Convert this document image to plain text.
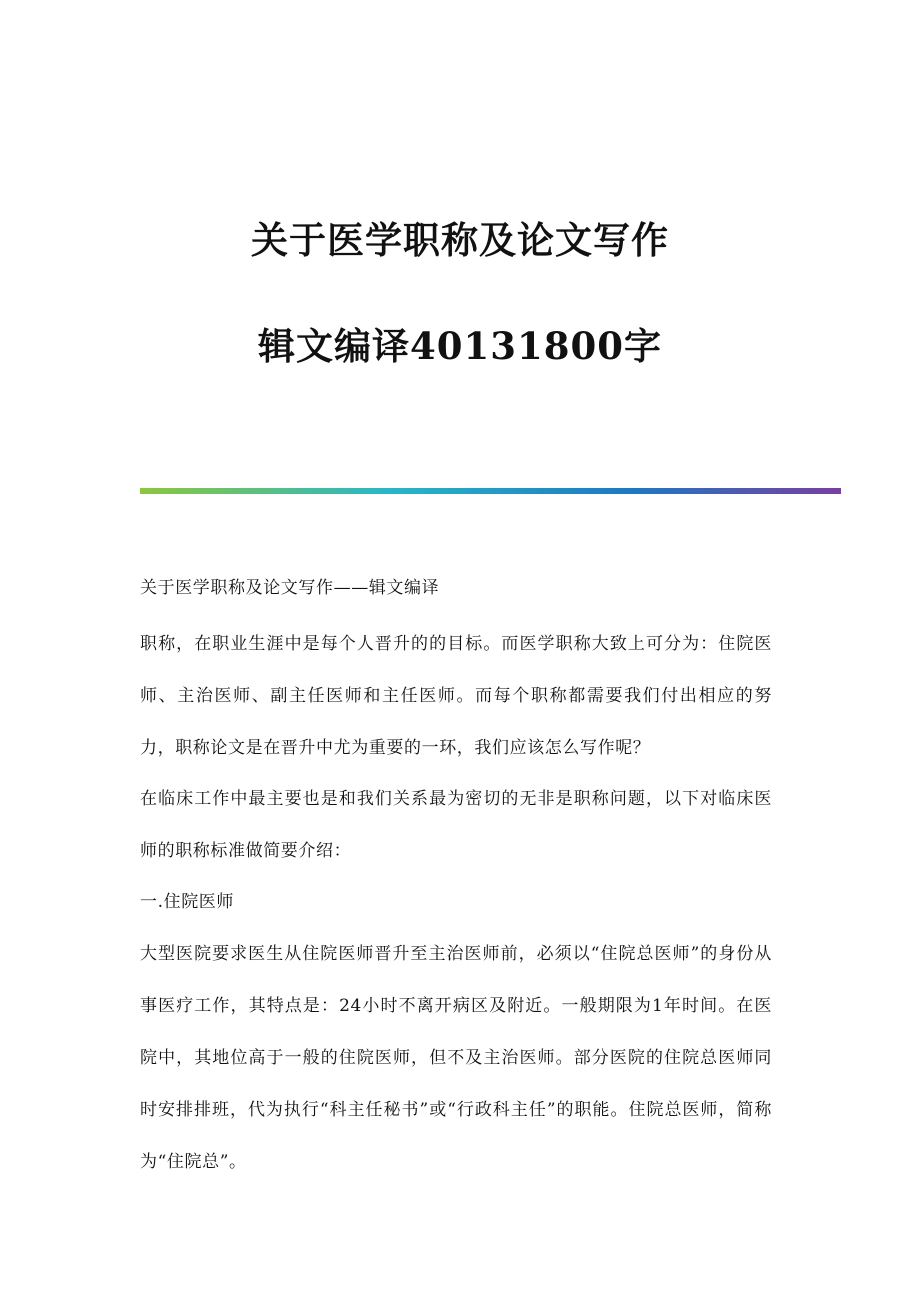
关于医学职称及论文写作
辑文编译40131800字

关于医学职称及论文写作——辑文编译

职称，在职业生涯中是每个人晋升的的目标。而医学职称大致上可分为：住院医师、主治医师、副主任医师和主任医师。而每个职称都需要我们付出相应的努力，职称论文是在晋升中尤为重要的一环，我们应该怎么写作呢？

在临床工作中最主要也是和我们关系最为密切的无非是职称问题，以下对临床医师的职称标准做简要介绍：

一.住院医师

大型医院要求医生从住院医师晋升至主治医师前，必须以“住院总医师”的身份从事医疗工作，其特点是：24小时不离开病区及附近。一般期限为1年时间。在医院中，其地位高于一般的住院医师，但不及主治医师。部分医院的住院总医师同时安排排班，代为执行“科主任秘书”或“行政科主任”的职能。住院总医师，简称为“住院总”。
